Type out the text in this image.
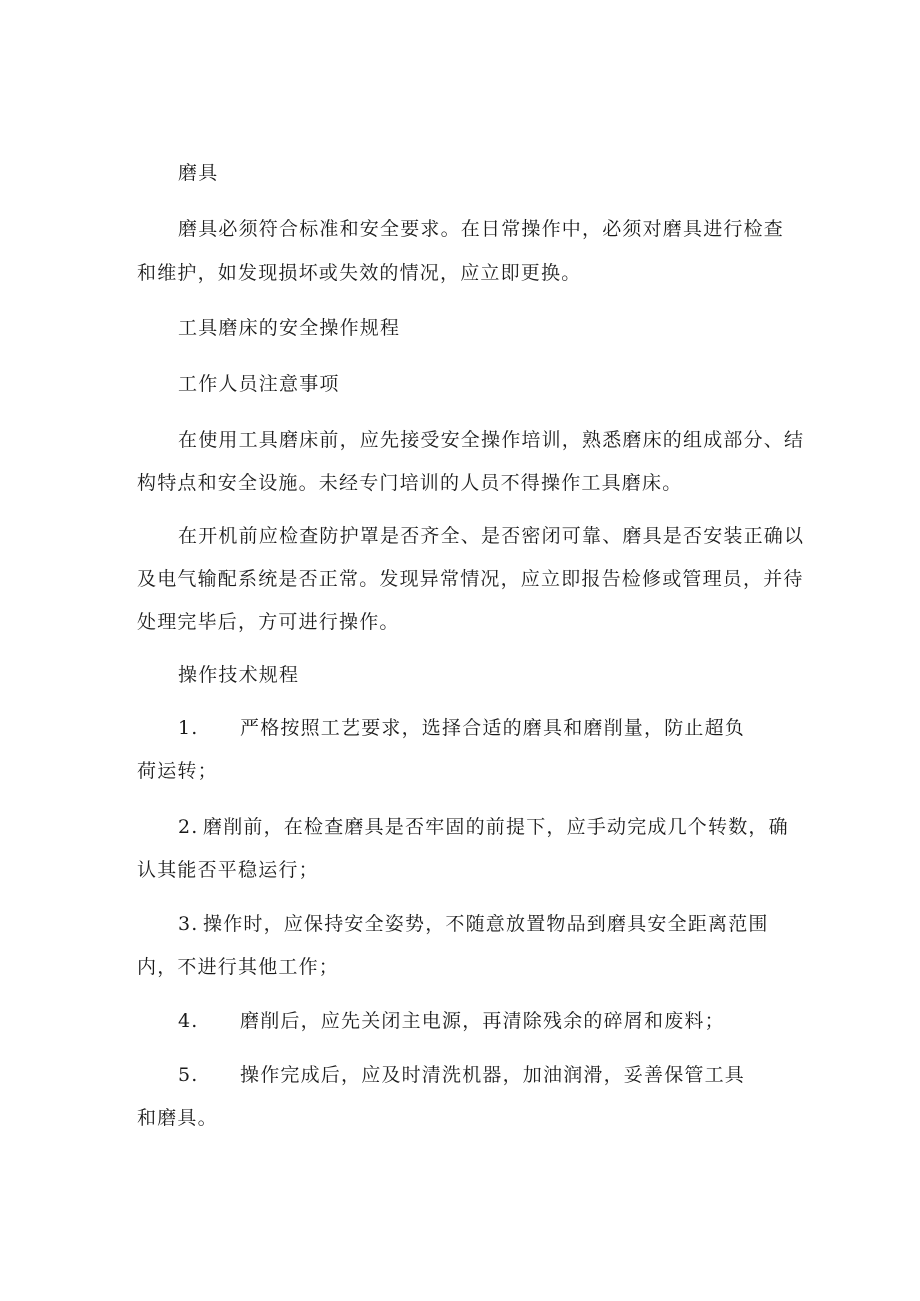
磨具
磨具必须符合标准和安全要求。在日常操作中，必须对磨具进行检查
和维护，如发现损坏或失效的情况，应立即更换。
工具磨床的安全操作规程
工作人员注意事项
在使用工具磨床前，应先接受安全操作培训，熟悉磨床的组成部分、结
构特点和安全设施。未经专门培训的人员不得操作工具磨床。
在开机前应检查防护罩是否齐全、是否密闭可靠、磨具是否安装正确以
及电气输配系统是否正常。发现异常情况，应立即报告检修或管理员，并待
处理完毕后，方可进行操作。
操作技术规程
1. 严格按照工艺要求，选择合适的磨具和磨削量，防止超负
荷运转；
2. 磨削前，在检查磨具是否牢固的前提下，应手动完成几个转数，确
认其能否平稳运行；
3. 操作时，应保持安全姿势，不随意放置物品到磨具安全距离范围
内，不进行其他工作；
4. 磨削后，应先关闭主电源，再清除残余的碎屑和废料；
5. 操作完成后，应及时清洗机器，加油润滑，妥善保管工具
和磨具。
